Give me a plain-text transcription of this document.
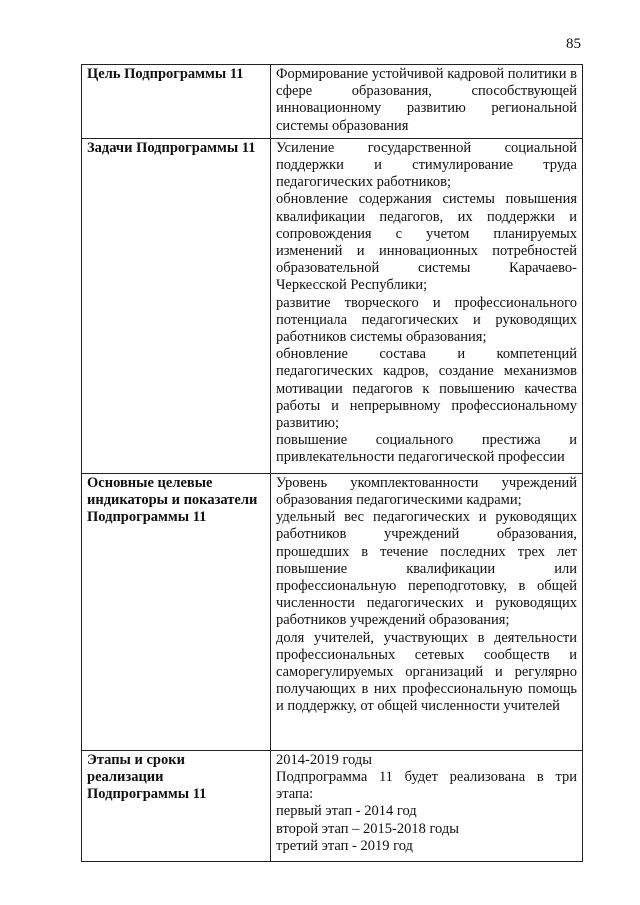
85
Цель Подпрограммы 11	Формирование устойчивой кадровой политики в сфере образования, способствующей инновационному развитию региональной системы образования

Задачи Подпрограммы 11	Усиление государственной социальной поддержки и стимулирование труда педагогических работников;
обновление содержания системы повышения квалификации педагогов, их поддержки и сопровождения с учетом планируемых изменений и инновационных потребностей образовательной системы Карачаево-Черкесской Республики;
развитие творческого и профессионального потенциала педагогических и руководящих работников системы образования;
обновление состава и компетенций педагогических кадров, создание механизмов мотивации педагогов к повышению качества работы и непрерывному профессиональному развитию;
повышение социального престижа и привлекательности педагогической профессии

Основные целевые индикаторы и показатели Подпрограммы 11	Уровень укомплектованности учреждений образования педагогическими кадрами;
удельный вес педагогических и руководящих работников учреждений образования, прошедших в течение последних трех лет повышение квалификации или профессиональную переподготовку, в общей численности педагогических и руководящих работников учреждений образования;
доля учителей, участвующих в деятельности профессиональных сетевых сообществ и саморегулируемых организаций и регулярно получающих в них профессиональную помощь и поддержку, от общей численности учителей

Этапы и сроки реализации Подпрограммы 11	2014-2019 годы
Подпрограмма 11 будет реализована в три этапа:
первый этап - 2014 год
второй этап – 2015-2018 годы
третий этап - 2019 год
